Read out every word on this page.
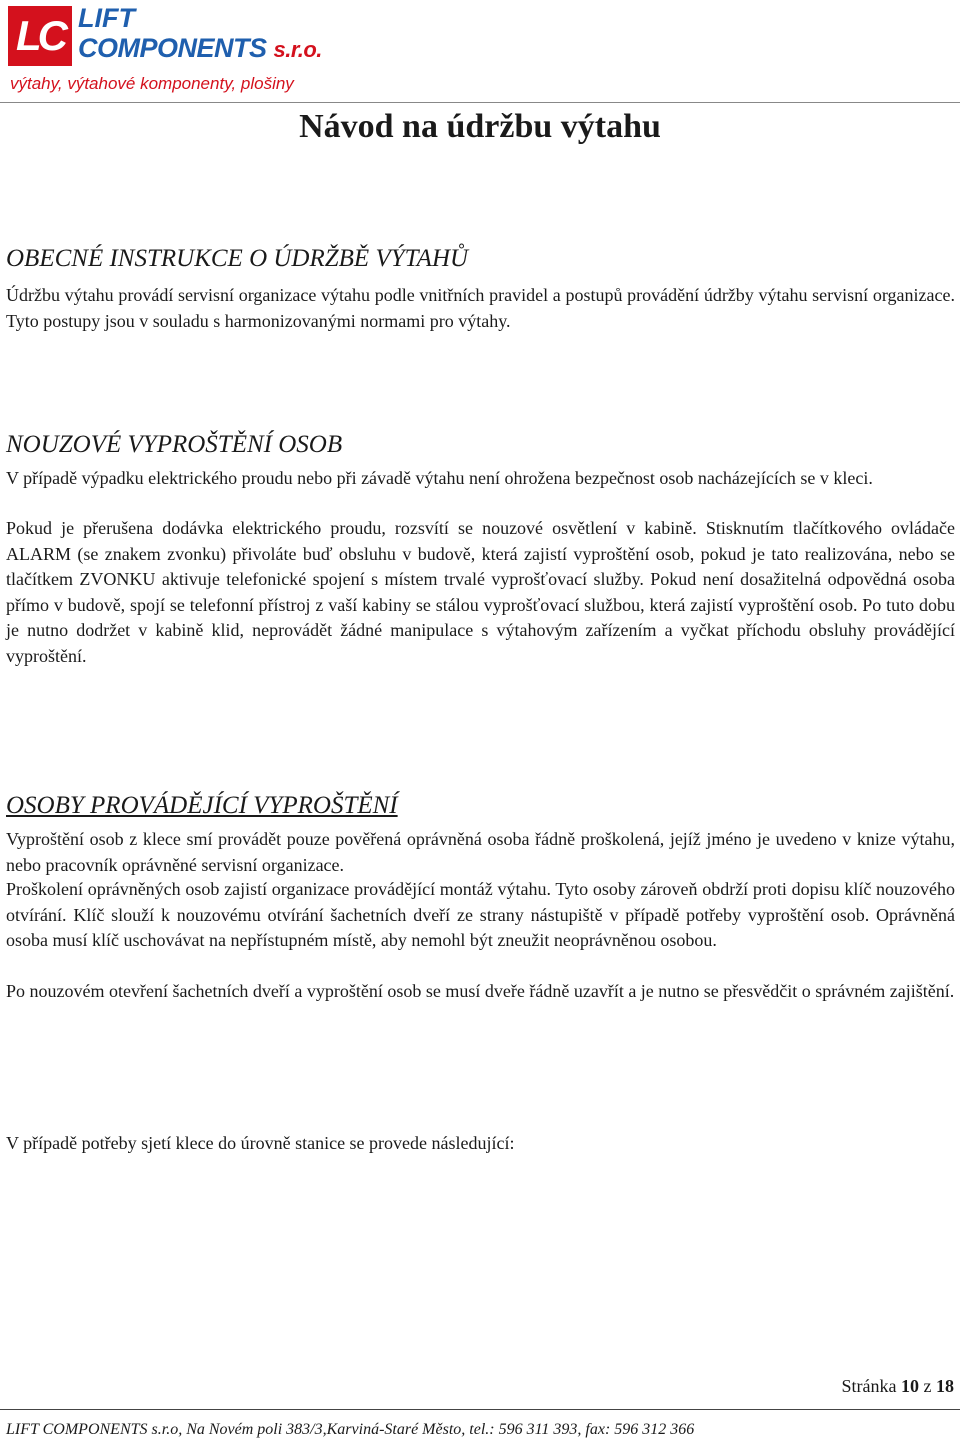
LC LIFT
COMPONENTS s.r.o.
výtahy, výtahové komponenty, plošiny
Návod na údržbu výtahu
OBECNÉ INSTRUKCE O ÚDRŽBĚ VÝTAHŮ

Údržbu výtahu provádí servisní organizace výtahu podle vnitřních pravidel a postupů provádění údržby výtahu servisní organizace. Tyto postupy jsou v souladu s harmonizovanými normami pro výtahy.

NOUZOVÉ VYPROŠTĚNÍ OSOB

V případě výpadku elektrického proudu nebo při závadě výtahu není ohrožena bezpečnost osob nacházejících se v kleci.

Pokud je přerušena dodávka elektrického proudu, rozsvítí se nouzové osvětlení v kabině. Stisknutím tlačítkového ovládače ALARM (se znakem zvonku) přivoláte buď obsluhu v budově, která zajistí vyproštění osob, pokud je tato realizována, nebo se tlačítkem ZVONKU aktivuje telefonické spojení s místem trvalé vyprošťovací služby. Pokud není dosažitelná odpovědná osoba přímo v budově, spojí se telefonní přístroj z vaší kabiny se stálou vyprošťovací službou, která zajistí vyproštění osob. Po tuto dobu je nutno dodržet v kabině klid, neprovádět žádné manipulace s výtahovým zařízením a vyčkat příchodu obsluhy provádějící vyproštění.

OSOBY PROVÁDĚJÍCÍ VYPROŠTĚNÍ

Vyproštění osob z klece smí provádět pouze pověřená oprávněná osoba řádně proškolená, jejíž jméno je uvedeno v knize výtahu, nebo pracovník oprávněné servisní organizace.

Proškolení oprávněných osob zajistí organizace provádějící montáž výtahu. Tyto osoby zároveň obdrží proti dopisu klíč nouzového otvírání. Klíč slouží k nouzovému otvírání šachetních dveří ze strany nástupiště v případě potřeby vyproštění osob. Oprávněná osoba musí klíč uschovávat na nepřístupném místě, aby nemohl být zneužit neoprávněnou osobou.

Po nouzovém otevření šachetních dveří a vyproštění osob se musí dveře řádně uzavřít a je nutno se přesvědčit o správném zajištění.

V případě potřeby sjetí klece do úrovně stanice se provede následující:

Stránka 10 z 18
LIFT COMPONENTS s.r.o, Na Novém poli 383/3,Karviná-Staré Město, tel.: 596 311 393, fax: 596 312 366
